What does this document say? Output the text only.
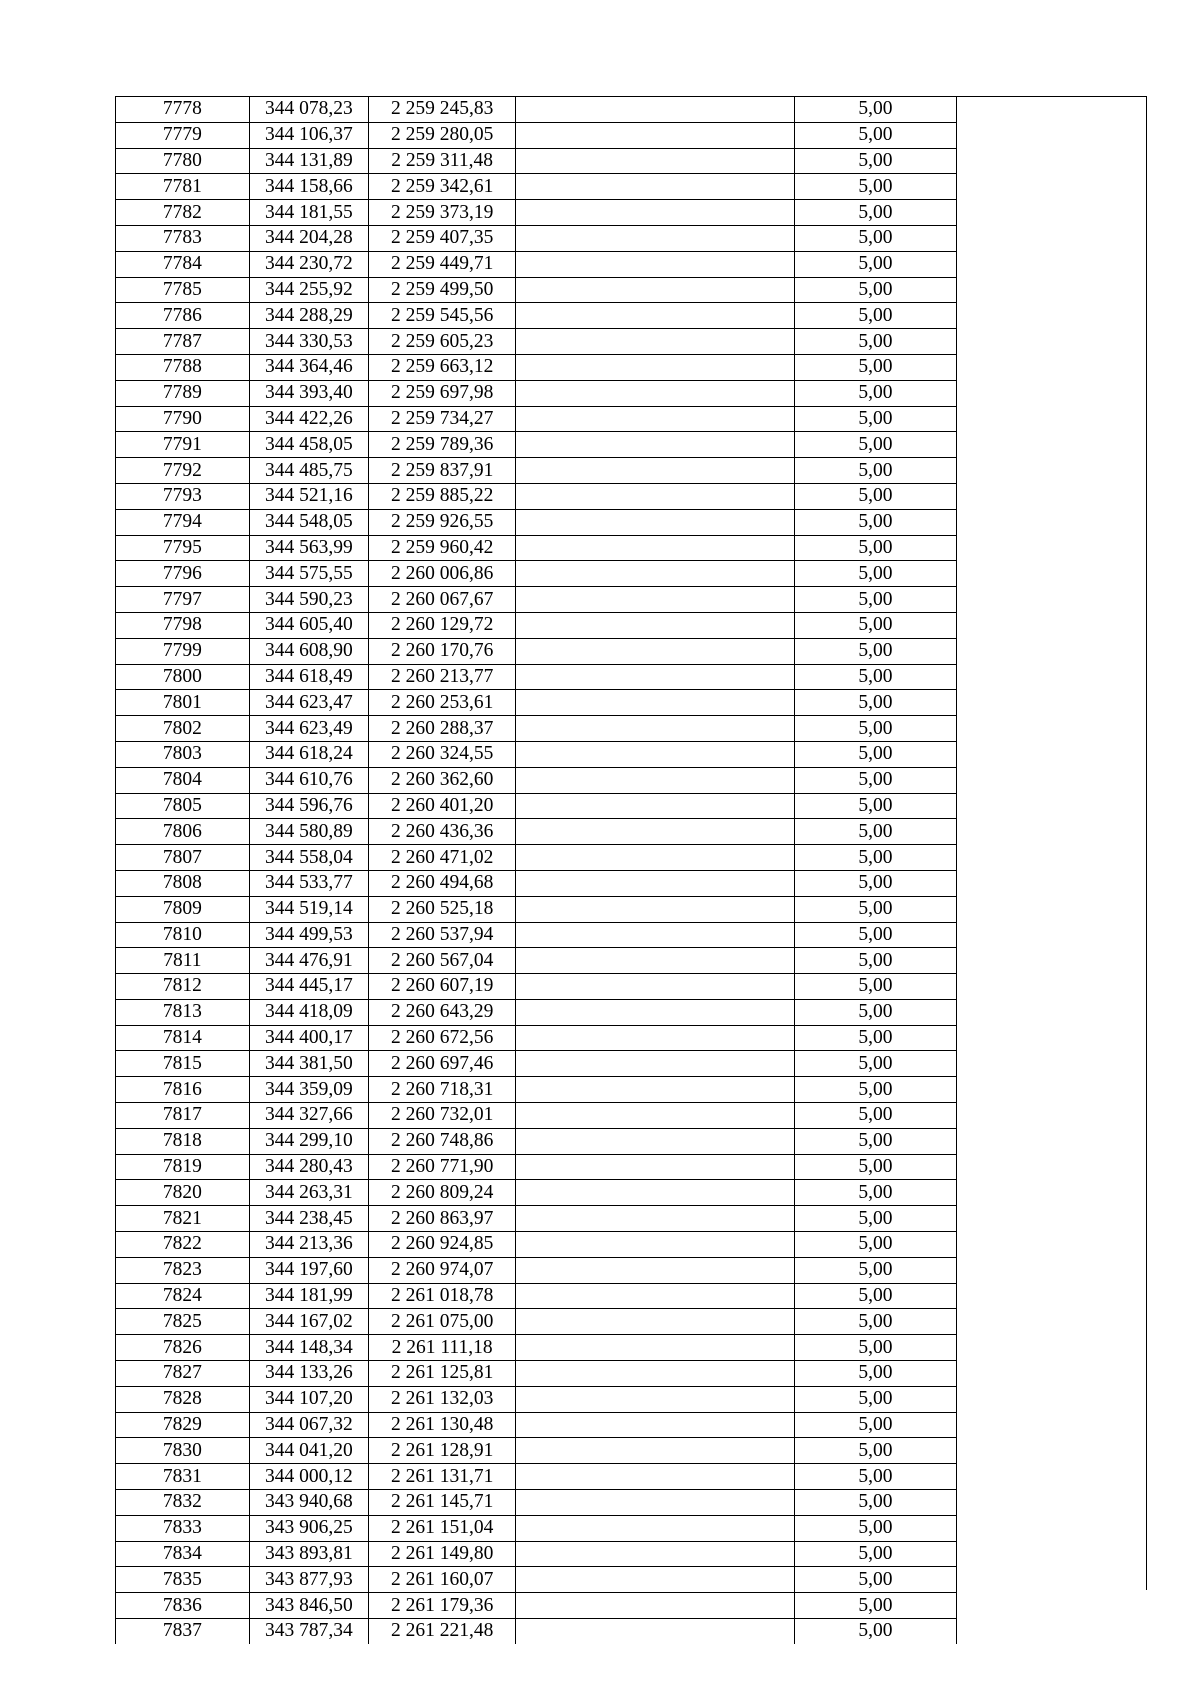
7778	344 078,23	2 259 245,83		5,00	
7779	344 106,37	2 259 280,05		5,00	
7780	344 131,89	2 259 311,48		5,00	
7781	344 158,66	2 259 342,61		5,00	
7782	344 181,55	2 259 373,19		5,00	
7783	344 204,28	2 259 407,35		5,00	
7784	344 230,72	2 259 449,71		5,00	
7785	344 255,92	2 259 499,50		5,00	
7786	344 288,29	2 259 545,56		5,00	
7787	344 330,53	2 259 605,23		5,00	
7788	344 364,46	2 259 663,12		5,00	
7789	344 393,40	2 259 697,98		5,00	
7790	344 422,26	2 259 734,27		5,00	
7791	344 458,05	2 259 789,36		5,00	
7792	344 485,75	2 259 837,91		5,00	
7793	344 521,16	2 259 885,22		5,00	
7794	344 548,05	2 259 926,55		5,00	
7795	344 563,99	2 259 960,42		5,00	
7796	344 575,55	2 260 006,86		5,00	
7797	344 590,23	2 260 067,67		5,00	
7798	344 605,40	2 260 129,72		5,00	
7799	344 608,90	2 260 170,76		5,00	
7800	344 618,49	2 260 213,77		5,00	
7801	344 623,47	2 260 253,61		5,00	
7802	344 623,49	2 260 288,37		5,00	
7803	344 618,24	2 260 324,55		5,00	
7804	344 610,76	2 260 362,60		5,00	
7805	344 596,76	2 260 401,20		5,00	
7806	344 580,89	2 260 436,36		5,00	
7807	344 558,04	2 260 471,02		5,00	
7808	344 533,77	2 260 494,68		5,00	
7809	344 519,14	2 260 525,18		5,00	
7810	344 499,53	2 260 537,94		5,00	
7811	344 476,91	2 260 567,04		5,00	
7812	344 445,17	2 260 607,19		5,00	
7813	344 418,09	2 260 643,29		5,00	
7814	344 400,17	2 260 672,56		5,00	
7815	344 381,50	2 260 697,46		5,00	
7816	344 359,09	2 260 718,31		5,00	
7817	344 327,66	2 260 732,01		5,00	
7818	344 299,10	2 260 748,86		5,00	
7819	344 280,43	2 260 771,90		5,00	
7820	344 263,31	2 260 809,24		5,00	
7821	344 238,45	2 260 863,97		5,00	
7822	344 213,36	2 260 924,85		5,00	
7823	344 197,60	2 260 974,07		5,00	
7824	344 181,99	2 261 018,78		5,00	
7825	344 167,02	2 261 075,00		5,00	
7826	344 148,34	2 261 111,18		5,00	
7827	344 133,26	2 261 125,81		5,00	
7828	344 107,20	2 261 132,03		5,00	
7829	344 067,32	2 261 130,48		5,00	
7830	344 041,20	2 261 128,91		5,00	
7831	344 000,12	2 261 131,71		5,00	
7832	343 940,68	2 261 145,71		5,00	
7833	343 906,25	2 261 151,04		5,00	
7834	343 893,81	2 261 149,80		5,00	
7835	343 877,93	2 261 160,07		5,00	
7836	343 846,50	2 261 179,36		5,00	
7837	343 787,34	2 261 221,48		5,00	
